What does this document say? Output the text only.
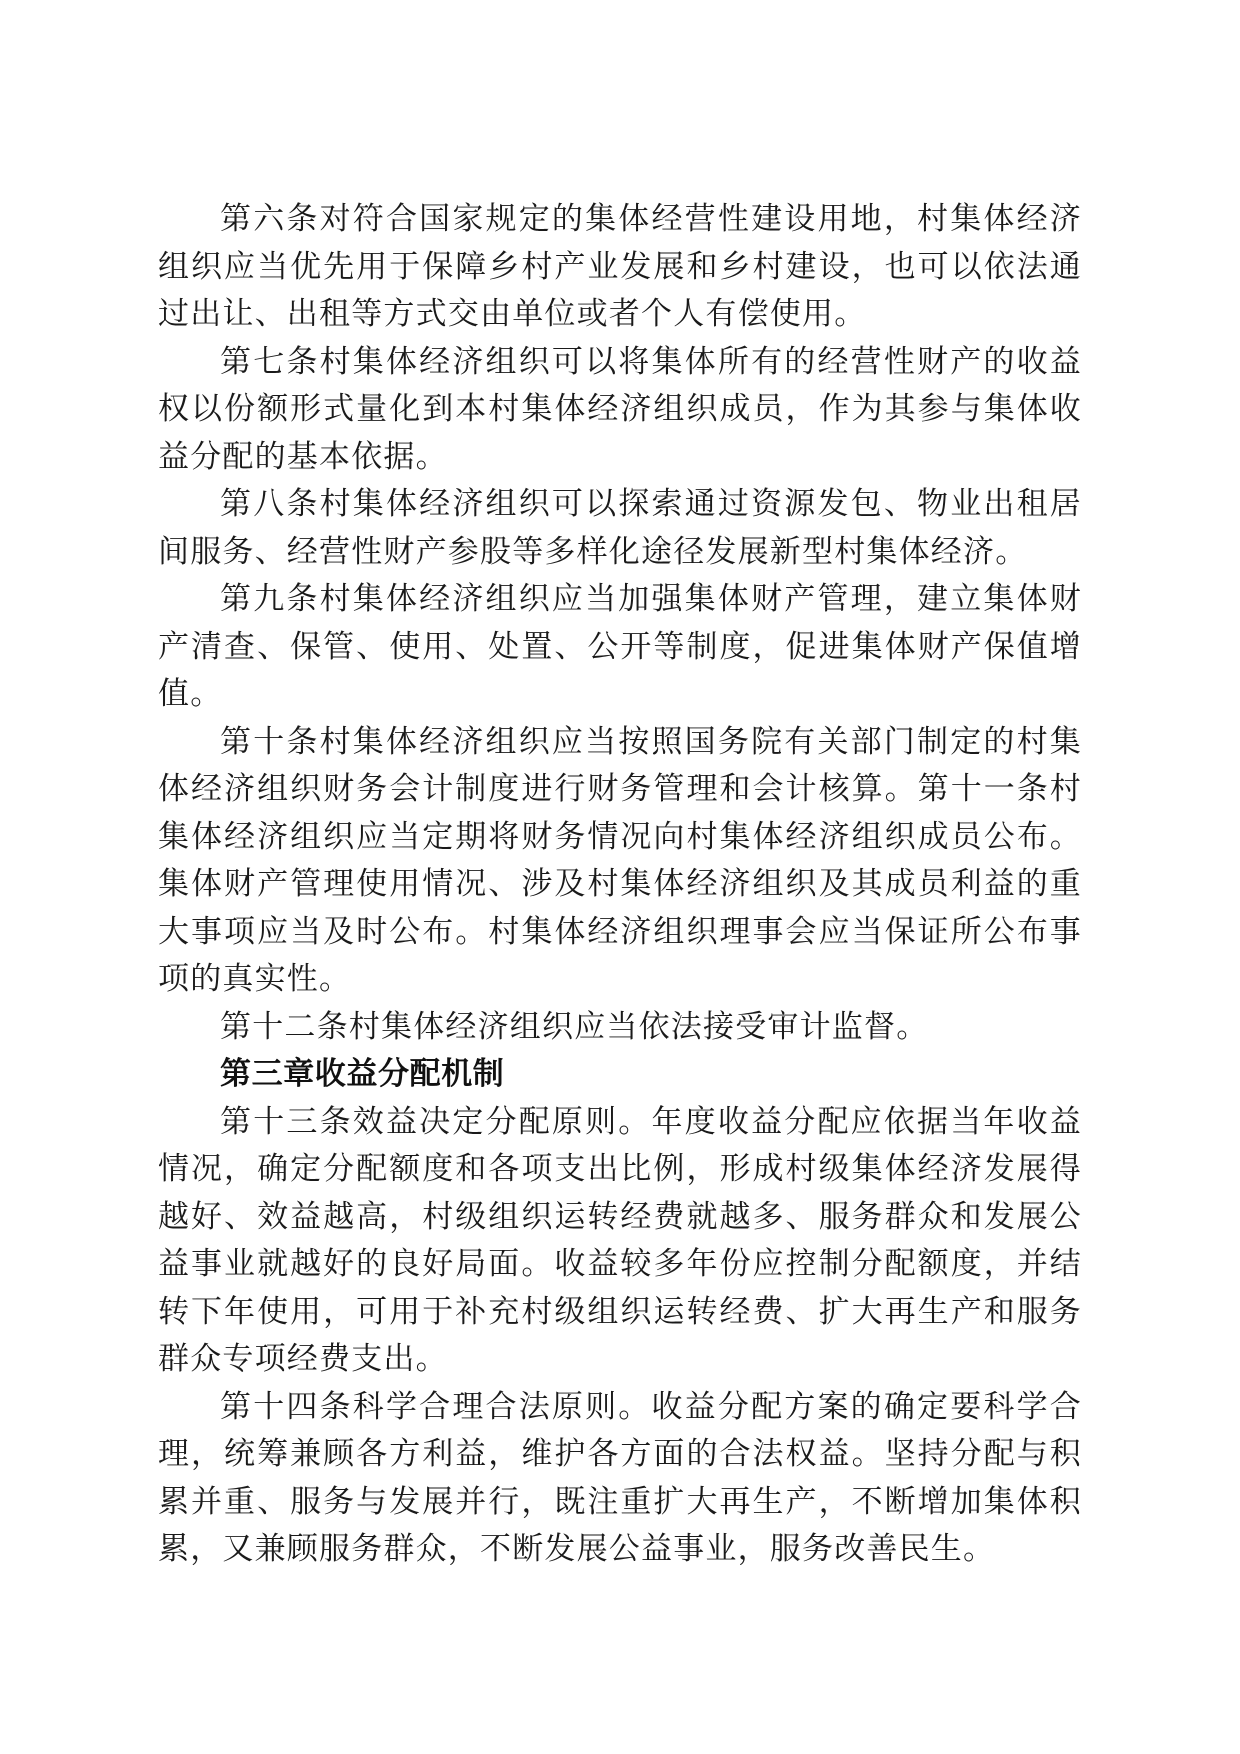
第六条对符合国家规定的集体经营性建设用地，村集体经济组织应当优先用于保障乡村产业发展和乡村建设，也可以依法通过出让、出租等方式交由单位或者个人有偿使用。

第七条村集体经济组织可以将集体所有的经营性财产的收益权以份额形式量化到本村集体经济组织成员，作为其参与集体收益分配的基本依据。

第八条村集体经济组织可以探索通过资源发包、物业出租居间服务、经营性财产参股等多样化途径发展新型村集体经济。

第九条村集体经济组织应当加强集体财产管理，建立集体财产清查、保管、使用、处置、公开等制度，促进集体财产保值增值。

第十条村集体经济组织应当按照国务院有关部门制定的村集体经济组织财务会计制度进行财务管理和会计核算。第十一条村集体经济组织应当定期将财务情况向村集体经济组织成员公布。集体财产管理使用情况、涉及村集体经济组织及其成员利益的重大事项应当及时公布。村集体经济组织理事会应当保证所公布事项的真实性。

第十二条村集体经济组织应当依法接受审计监督。

第三章收益分配机制

第十三条效益决定分配原则。年度收益分配应依据当年收益情况，确定分配额度和各项支出比例，形成村级集体经济发展得越好、效益越高，村级组织运转经费就越多、服务群众和发展公益事业就越好的良好局面。收益较多年份应控制分配额度，并结转下年使用，可用于补充村级组织运转经费、扩大再生产和服务群众专项经费支出。

第十四条科学合理合法原则。收益分配方案的确定要科学合理，统筹兼顾各方利益，维护各方面的合法权益。坚持分配与积累并重、服务与发展并行，既注重扩大再生产，不断增加集体积累，又兼顾服务群众，不断发展公益事业，服务改善民生。
